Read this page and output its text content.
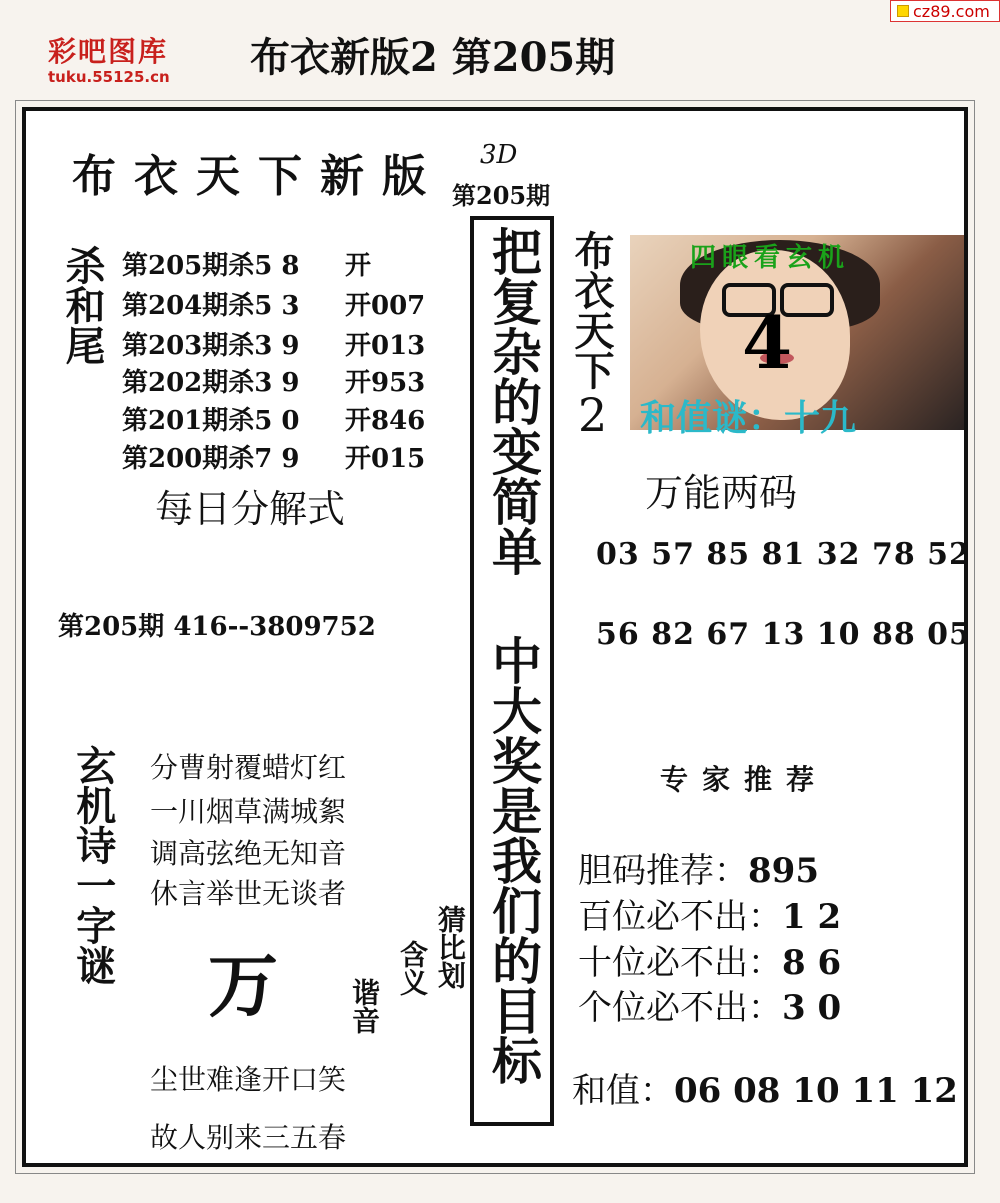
cz89.com
彩吧图库
tuku.55125.cn 布衣新版2 第205期
布衣天下新版 3D
第205期
杀和尾 第205期杀5 8 开
第204期杀5 3 开007
第203期杀3 9 开013
第202期杀3 9 开953
第201期杀5 0 开846
第200期杀7 9 开015
每日分解式
第205期 416--3809752
玄机诗一字谜 分曹射覆蜡灯红
一川烟草满城絮
调高弦绝无知音
休言举世无谈者
万	猜比划
含义
谐音
尘世难逢开口笑
故人别来三五春
把复杂的变简单 中大奖是我们的目标 布衣天下
2
四眼看玄机
4
和值谜：十九
万能两码
03 57 85 81 32 78 52
56 82 67 13 10 88 05
专家推荐
胆码推荐：895
百位必不出：1 2
十位必不出：8 6
个位必不出：3 0
和值：06 08 10 11 12
